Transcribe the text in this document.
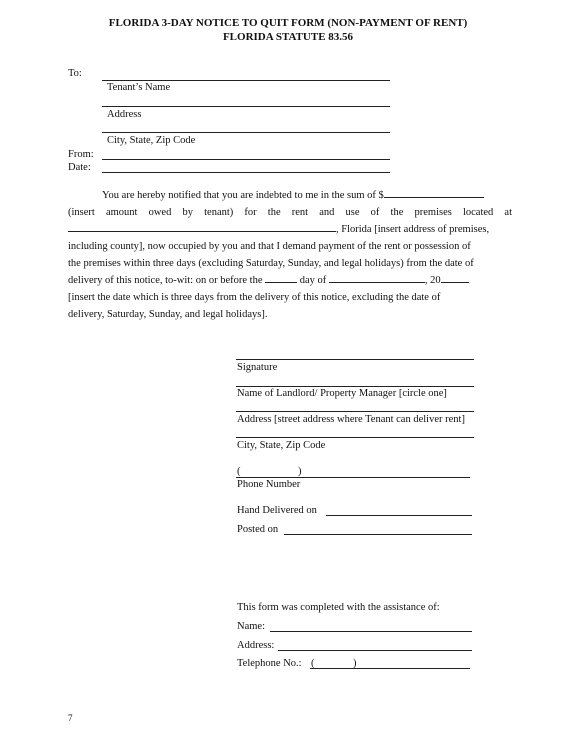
FLORIDA 3-DAY NOTICE TO QUIT FORM (NON-PAYMENT OF RENT)
FLORIDA STATUTE 83.56
To:
Tenant’s Name
Address
City, State, Zip Code
From:
Date:
You are hereby notified that you are indebted to me in the sum of $
(insert amount owed by tenant) for the rent and use of the premises located at
, Florida [insert address of premises,
including county], now occupied by you and that I demand payment of the rent or possession of
the premises within three days (excluding Saturday, Sunday, and legal holidays) from the date of
delivery of this notice, to-wit: on or before the	day of	, 20
[insert the date which is three days from the delivery of this notice, excluding the date of
delivery, Saturday, Sunday, and legal holidays].
Signature
Name of Landlord/ Property Manager [circle one]
Address [street address where Tenant can deliver rent]
City, State, Zip Code
(	)
Phone Number
Hand Delivered on
Posted on
This form was completed with the assistance of:
Name:
Address:
Telephone No.: (	)
7
